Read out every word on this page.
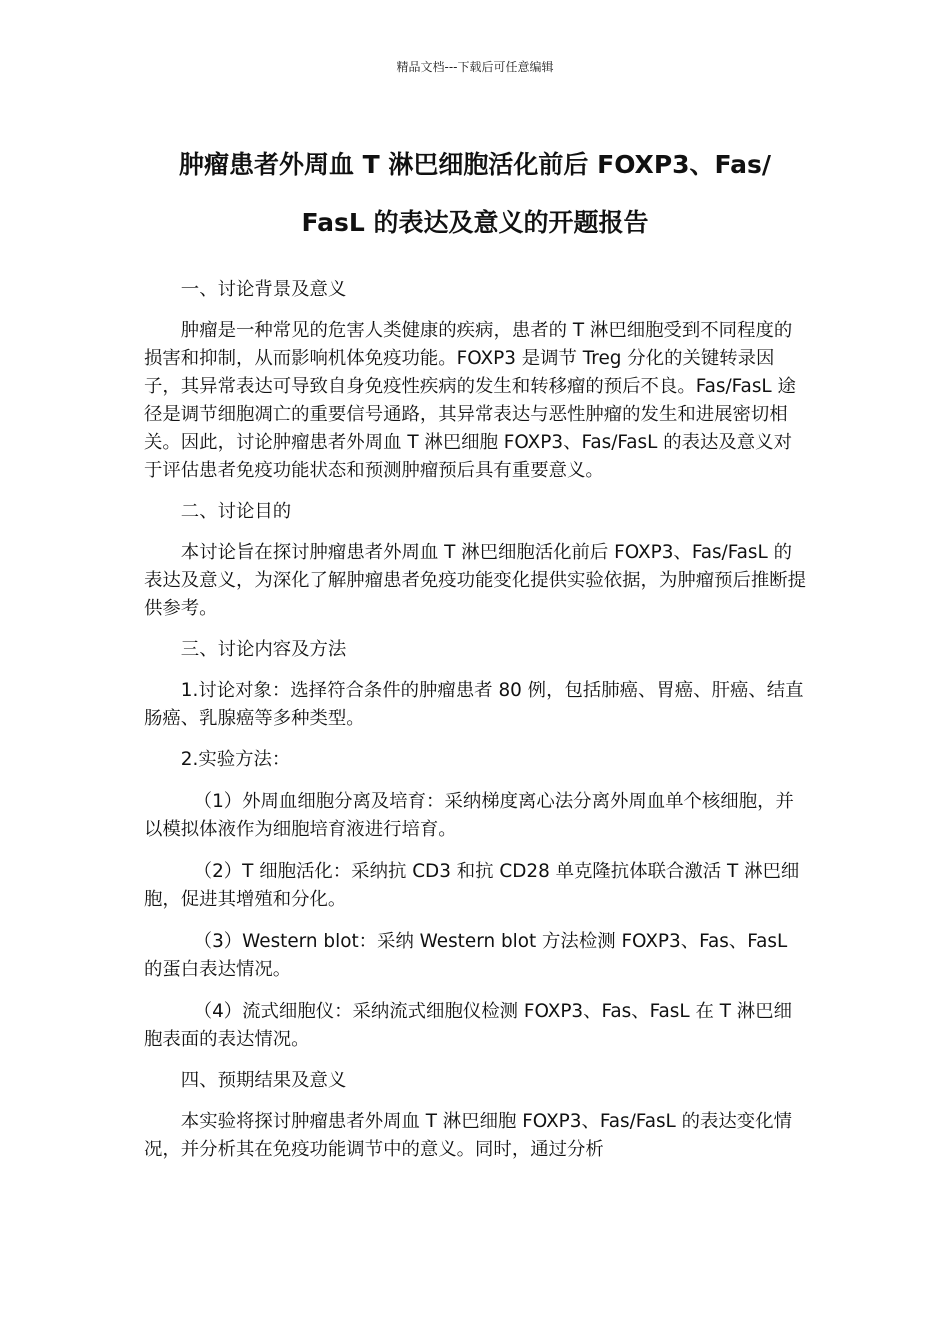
精品文档---下载后可任意编辑
肿瘤患者外周血 T 淋巴细胞活化前后 FOXP3、Fas/
FasL 的表达及意义的开题报告

一、讨论背景及意义

肿瘤是一种常见的危害人类健康的疾病，患者的 T 淋巴细胞受到不同程度的损害和抑制，从而影响机体免疫功能。FOXP3 是调节 Treg 分化的关键转录因子，其异常表达可导致自身免疫性疾病的发生和转移瘤的预后不良。Fas/FasL 途径是调节细胞凋亡的重要信号通路，其异常表达与恶性肿瘤的发生和进展密切相关。因此，讨论肿瘤患者外周血 T 淋巴细胞 FOXP3、Fas/FasL 的表达及意义对于评估患者免疫功能状态和预测肿瘤预后具有重要意义。

二、讨论目的

本讨论旨在探讨肿瘤患者外周血 T 淋巴细胞活化前后 FOXP3、Fas/FasL 的表达及意义，为深化了解肿瘤患者免疫功能变化提供实验依据，为肿瘤预后推断提供参考。

三、讨论内容及方法

1.讨论对象：选择符合条件的肿瘤患者 80 例，包括肺癌、胃癌、肝癌、结直肠癌、乳腺癌等多种类型。

2.实验方法：

（1）外周血细胞分离及培育：采纳梯度离心法分离外周血单个核细胞，并以模拟体液作为细胞培育液进行培育。

（2）T 细胞活化：采纳抗 CD3 和抗 CD28 单克隆抗体联合激活 T 淋巴细胞，促进其增殖和分化。

（3）Western blot：采纳 Western blot 方法检测 FOXP3、Fas、FasL 的蛋白表达情况。

（4）流式细胞仪：采纳流式细胞仪检测 FOXP3、Fas、FasL 在 T 淋巴细胞表面的表达情况。

四、预期结果及意义

本实验将探讨肿瘤患者外周血 T 淋巴细胞 FOXP3、Fas/FasL 的表达变化情况，并分析其在免疫功能调节中的意义。同时，通过分析
